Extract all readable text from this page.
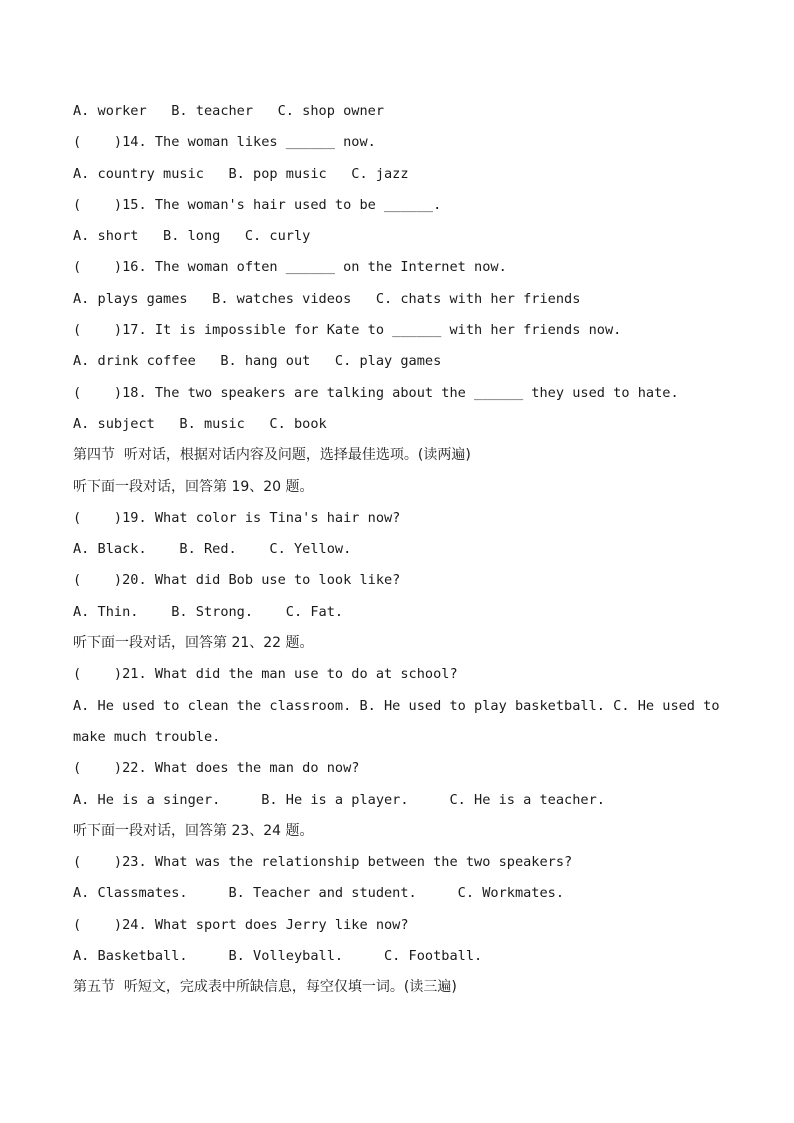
A. worker   B. teacher   C. shop owner
(    )14. The woman likes ______ now.
A. country music   B. pop music   C. jazz
(    )15. The woman's hair used to be ______.
A. short   B. long   C. curly
(    )16. The woman often ______ on the Internet now.
A. plays games   B. watches videos   C. chats with her friends
(    )17. It is impossible for Kate to ______ with her friends now.
A. drink coffee   B. hang out   C. play games
(    )18. The two speakers are talking about the ______ they used to hate.
A. subject   B. music   C. book
第四节  听对话，根据对话内容及问题，选择最佳选项。(读两遍)
听下面一段对话，回答第 19、20 题。
(    )19. What color is Tina's hair now?
A. Black.    B. Red.    C. Yellow.
(    )20. What did Bob use to look like?
A. Thin.    B. Strong.    C. Fat.
听下面一段对话，回答第 21、22 题。
(    )21. What did the man use to do at school?
A. He used to clean the classroom. B. He used to play basketball. C. He used to make much trouble.
(    )22. What does the man do now?
A. He is a singer.     B. He is a player.     C. He is a teacher.
听下面一段对话，回答第 23、24 题。
(    )23. What was the relationship between the two speakers?
A. Classmates.     B. Teacher and student.     C. Workmates.
(    )24. What sport does Jerry like now?
A. Basketball.     B. Volleyball.     C. Football.
第五节  听短文，完成表中所缺信息，每空仅填一词。(读三遍)
